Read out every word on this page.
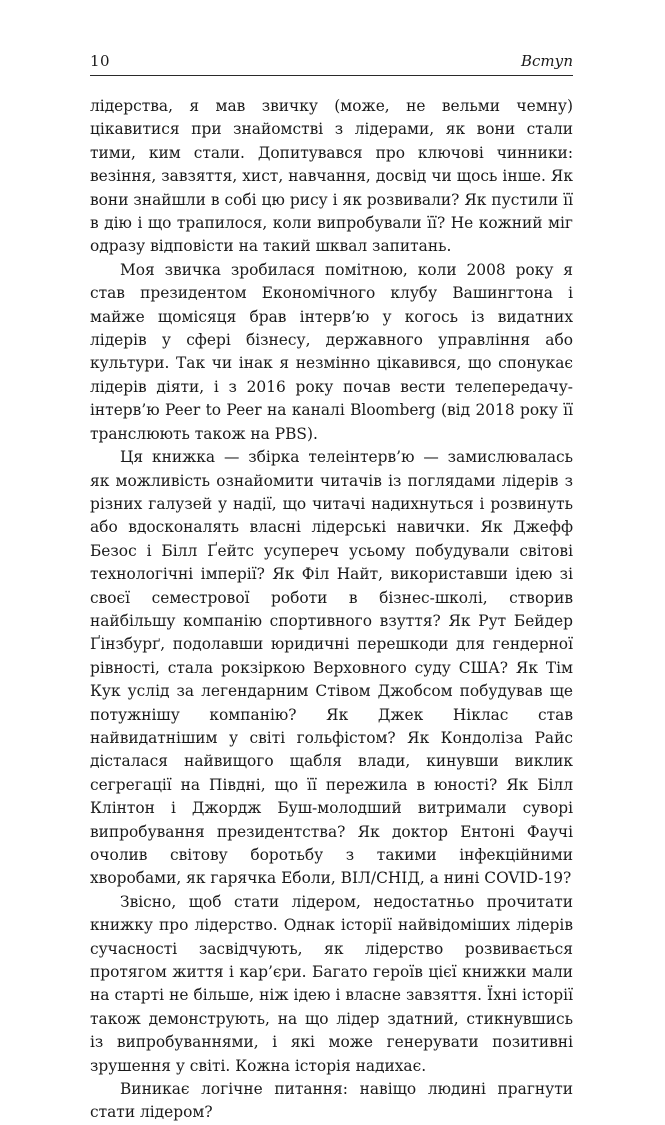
10	Вступ

лідерства, я мав звичку (може, не вельми чемну) цікавитися при знайомстві з лідерами, як вони стали тими, ким стали. Допитувався про ключові чинники: везіння, завзяття, хист, навчання, досвід чи щось інше. Як вони знайшли в собі цю рису і як розвивали? Як пустили її в дію і що трапилося, коли випробували її? Не кожний міг одразу відповісти на такий шквал запитань.

Моя звичка зробилася помітною, коли 2008 року я став президентом Економічного клубу Вашингтона і майже щомісяця брав інтерв’ю у когось із видатних лідерів у сфері бізнесу, державного управління або культури. Так чи інак я незмінно цікавився, що спонукає лідерів діяти, і з 2016 року почав вести телепередачу-інтерв’ю Peer to Peer на каналі Bloomberg (від 2018 року її транслюють також на PBS).

Ця книжка — збірка телеінтерв’ю — замислювалась як можливість ознайомити читачів із поглядами лідерів з різних галузей у надії, що читачі надихнуться і розвинуть або вдосконалять власні лідерські навички. Як Джефф Безос і Білл Ґейтс усупереч усьому побудували світові технологічні імперії? Як Філ Найт, використавши ідею зі своєї семестрової роботи в бізнес-школі, створив найбільшу компанію спортивного взуття? Як Рут Бейдер Ґінзбурґ, подолавши юридичні перешкоди для гендерної рівності, стала рокзіркою Верховного суду США? Як Тім Кук услід за легендарним Стівом Джобсом побудував ще потужнішу компанію? Як Джек Ніклас став найвидатнішим у світі гольфістом? Як Кондоліза Райс дісталася найвищого щабля влади, кинувши виклик сегрегації на Півдні, що її пережила в юності? Як Білл Клінтон і Джордж Буш-молодший витримали суворі випробування президентства? Як доктор Ентоні Фаучі очолив світову боротьбу з такими інфекційними хворобами, як гарячка Еболи, ВІЛ/СНІД, а нині COVID-19?

Звісно, щоб стати лідером, недостатньо прочитати книжку про лідерство. Однак історії найвідоміших лідерів сучасності засвідчують, як лідерство розвивається протягом життя і кар’єри. Багато героїв цієї книжки мали на старті не більше, ніж ідею і власне завзяття. Їхні історії також демонструють, на що лідер здатний, стикнувшись із випробуваннями, і які може генерувати позитивні зрушення у світі. Кожна історія надихає.

Виникає логічне питання: навіщо людині прагнути стати лідером?
